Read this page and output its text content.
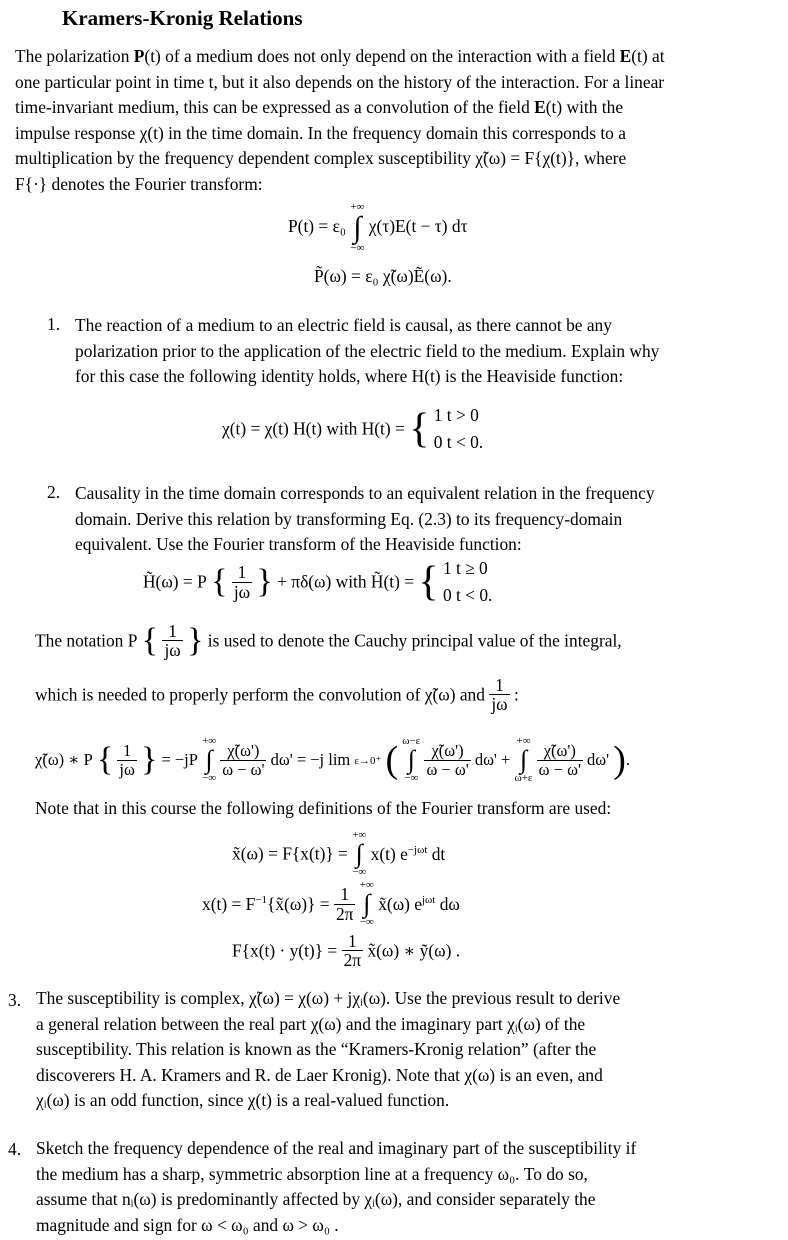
Kramers-Kronig Relations
The polarization P(t) of a medium does not only depend on the interaction with a field E(t) at
one particular point in time t, but it also depends on the history of the interaction. For a linear
time-invariant medium, this can be expressed as a convolution of the field E(t) with the
impulse response χ(t) in the time domain. In the frequency domain this corresponds to a
multiplication by the frequency dependent complex susceptibility χ̃(ω) = F{χ(t)}, where
F{·} denotes the Fourier transform:
P(t) = ε₀
+∞
∫
−∞
χ(τ)E(t − τ) dτ
P̃(ω) = ε₀ χ̃(ω)Ẽ(ω).
1. The reaction of a medium to an electric field is causal, as there cannot be any
polarization prior to the application of the electric field to the medium. Explain why
for this case the following identity holds, where H(t) is the Heaviside function:
χ(t) = χ(t) H(t) with H(t) = { 1 t > 0
0 t < 0.
2. Causality in the time domain corresponds to an equivalent relation in the frequency
domain. Derive this relation by transforming Eq. (2.3) to its frequency-domain
equivalent. Use the Fourier transform of the Heaviside function:
H̃(ω) = P { $\frac{1}{j\omega}$ } + πδ(ω) with H̃(t) = { 1 t ≥ 0
0 t < 0.
The notation P { $\frac{1}{j\omega}$ } is used to denote the Cauchy principal value of the integral,
which is needed to properly perform the convolution of χ̃(ω) and $\frac{1}{j\omega}$ :
χ̃(ω) ∗ P { $\frac{1}{j\omega}$ } = −jP
+∞
∫
−∞

$\frac{\chĩ(\omega')}{\omega - \omega'} d\omega' = -j$ lim ε→0⁺ ( ω−ε
∫
−∞

$\frac{\chĩ(\omega')}{\omega - \omega'} d\omega'$ +
+∞
∫
ω+ε

$\frac{\chĩ(\omega')}{\omega - \omega'} d\omega'$ ).
Note that in this course the following definitions of the Fourier transform are used:
x̃(ω) = F{x(t)} =
+∞
∫
−∞
x(t) $e^{-j\omega t}$ dt
$x(t) = F^{-1}\{x̃(\omega)\} = \frac{1}{2\pi}$

+∞
∫
−∞
x̃(ω) $e^{j\omega t}$ dω
$F\{x(t) \cdot y(t)\} = \frac{1}{2\pi}$ x̃(ω) ∗ ỹ(ω) .
3. The susceptibility is complex, χ̃(ω) = χ(ω) + jχᵢ(ω). Use the previous result to derive
a general relation between the real part χ(ω) and the imaginary part χᵢ(ω) of the
susceptibility. This relation is known as the “Kramers-Kronig relation” (after the
discoverers H. A. Kramers and R. de Laer Kronig). Note that χ(ω) is an even, and
χᵢ(ω) is an odd function, since χ(t) is a real-valued function.
4. Sketch the frequency dependence of the real and imaginary part of the susceptibility if
the medium has a sharp, symmetric absorption line at a frequency ω₀. To do so,
assume that nᵢ(ω) is predominantly affected by χᵢ(ω), and consider separately the
magnitude and sign for ω < ω₀ and ω > ω₀ .
